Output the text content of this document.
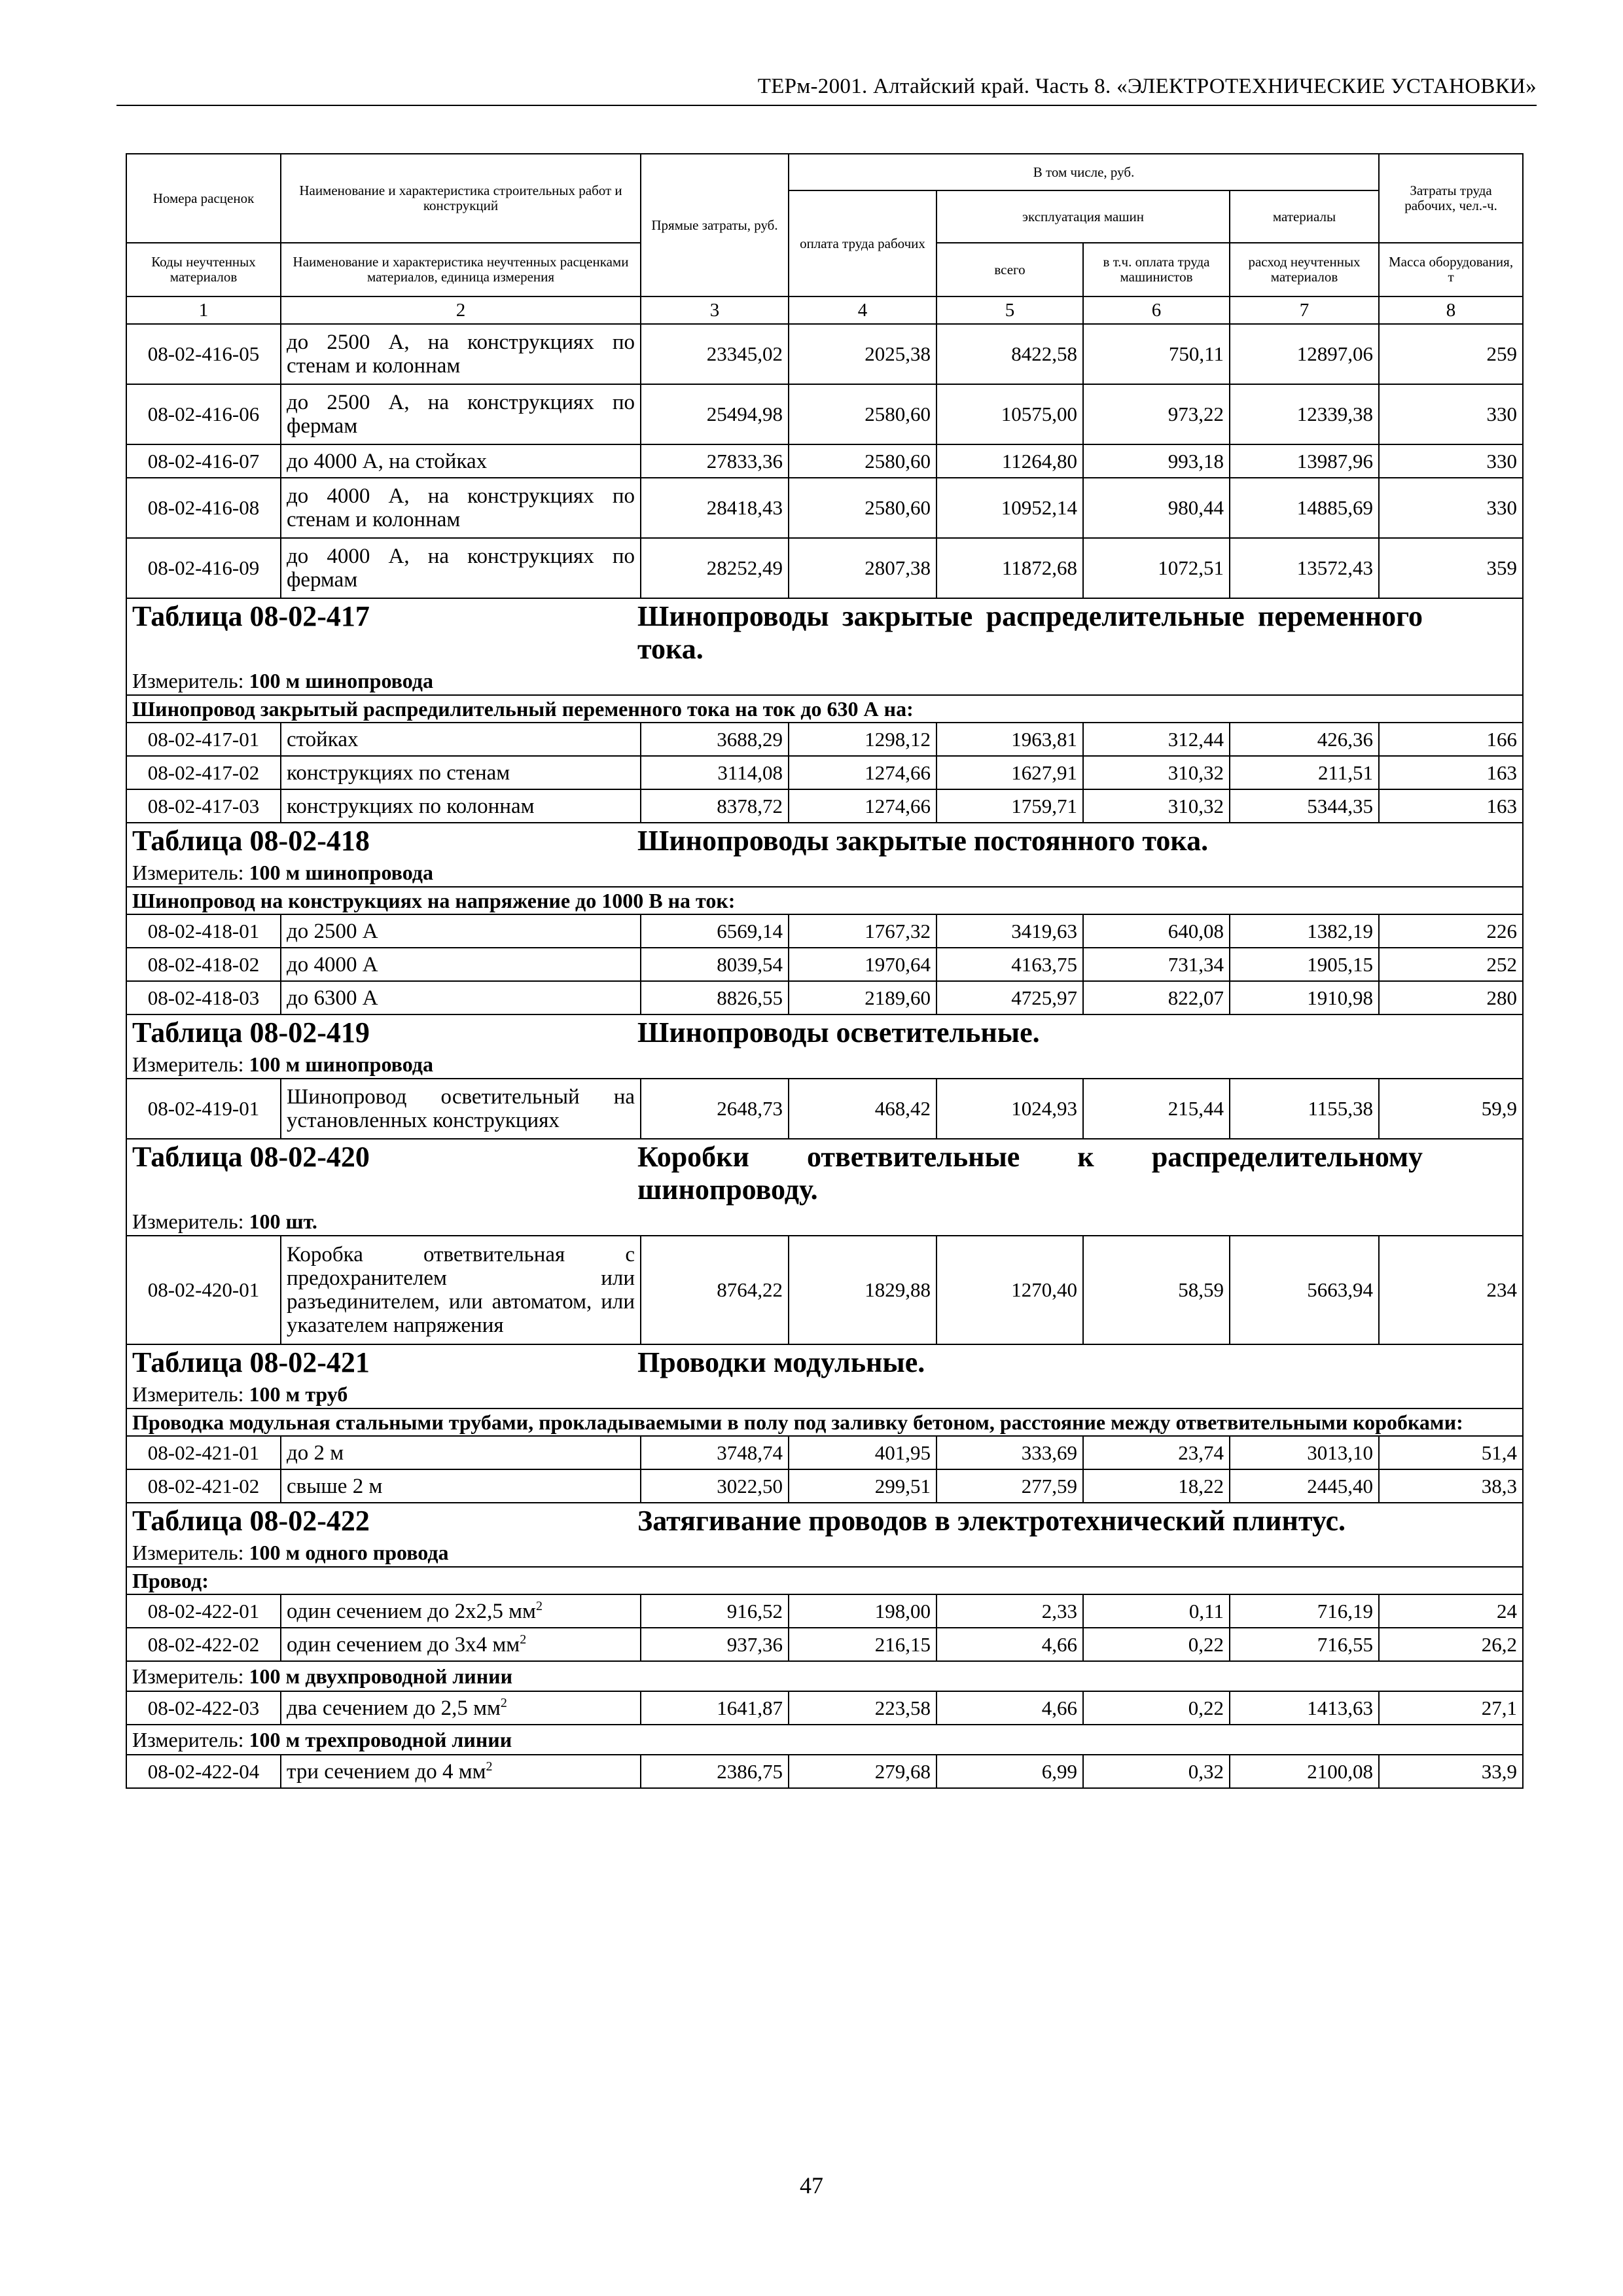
ТЕРм-2001. Алтайский край. Часть 8. «ЭЛЕКТРОТЕХНИЧЕСКИЕ УСТАНОВКИ»
Номера расценок	Наименование и характеристика строительных работ и конструкций	Прямые затраты, руб.	В том числе, руб.				Затраты труда рабочих, чел.-ч.
			оплата труда рабочих	эксплуатация машин		материалы	
Коды неучтенных материалов	Наименование и характеристика неучтенных расценками материалов, единица измерения			всего	в т.ч. оплата труда машинистов	расход неучтенных материалов	Масса оборудования, т
1	2	3	4	5	6	7	8
08-02-416-05	до 2500 А, на конструкциях по стенам и колоннам	23345,02	2025,38	8422,58	750,11	12897,06	259
08-02-416-06	до 2500 А, на конструкциях по фермам	25494,98	2580,60	10575,00	973,22	12339,38	330
08-02-416-07	до 4000 А, на стойках	27833,36	2580,60	11264,80	993,18	13987,96	330
08-02-416-08	до 4000 А, на конструкциях по стенам и колоннам	28418,43	2580,60	10952,14	980,44	14885,69	330
08-02-416-09	до 4000 А, на конструкциях по фермам	28252,49	2807,38	11872,68	1072,51	13572,43	359

Таблица 08-02-417 Шинопроводы закрытые распределительные переменного тока.							

Измеритель: 100 м шинопровода							
Шинопровод закрытый распредилительный переменного тока на ток до 630 А на:							
08-02-417-01	стойках	3688,29	1298,12	1963,81	312,44	426,36	166
08-02-417-02	конструкциях по стенам	3114,08	1274,66	1627,91	310,32	211,51	163
08-02-417-03	конструкциях по колоннам	8378,72	1274,66	1759,71	310,32	5344,35	163

Таблица 08-02-418 Шинопроводы закрытые постоянного тока.							

Измеритель: 100 м шинопровода							
Шинопровод на конструкциях на напряжение до 1000 В на ток:							
08-02-418-01	до 2500 А	6569,14	1767,32	3419,63	640,08	1382,19	226
08-02-418-02	до 4000 А	8039,54	1970,64	4163,75	731,34	1905,15	252
08-02-418-03	до 6300 А	8826,55	2189,60	4725,97	822,07	1910,98	280

Таблица 08-02-419 Шинопроводы осветительные.							

Измеритель: 100 м шинопровода							
08-02-419-01	Шинопровод осветительный на установленных конструкциях	2648,73	468,42	1024,93	215,44	1155,38	59,9

Таблица 08-02-420 Коробки ответвительные к распределительному шинопроводу.							

Измеритель: 100 шт.							
08-02-420-01	Коробка ответвительная с предохранителем или разъединителем, или автоматом, или указателем напряжения	8764,22	1829,88	1270,40	58,59	5663,94	234

Таблица 08-02-421 Проводки модульные.							

Измеритель: 100 м труб							
Проводка модульная стальными трубами, прокладываемыми в полу под заливку бетоном, расстояние между ответвительными коробками:							
08-02-421-01	до 2 м	3748,74	401,95	333,69	23,74	3013,10	51,4
08-02-421-02	свыше 2 м	3022,50	299,51	277,59	18,22	2445,40	38,3

Таблица 08-02-422 Затягивание проводов в электротехнический плинтус.							

Измеритель: 100 м одного провода							
Провод:							
08-02-422-01	один сечением до 2х2,5 $мм^2$	916,52	198,00	2,33	0,11	716,19	24
08-02-422-02	один сечением до 3х4 $мм^2$	937,36	216,15	4,66	0,22	716,55	26,2
Измеритель: 100 м двухпроводной линии							
08-02-422-03	два сечением до 2,5 $мм^2$	1641,87	223,58	4,66	0,22	1413,63	27,1
Измеритель: 100 м трехпроводной линии							
08-02-422-04	три сечением до 4 $мм^2$	2386,75	279,68	6,99	0,32	2100,08	33,9
47
